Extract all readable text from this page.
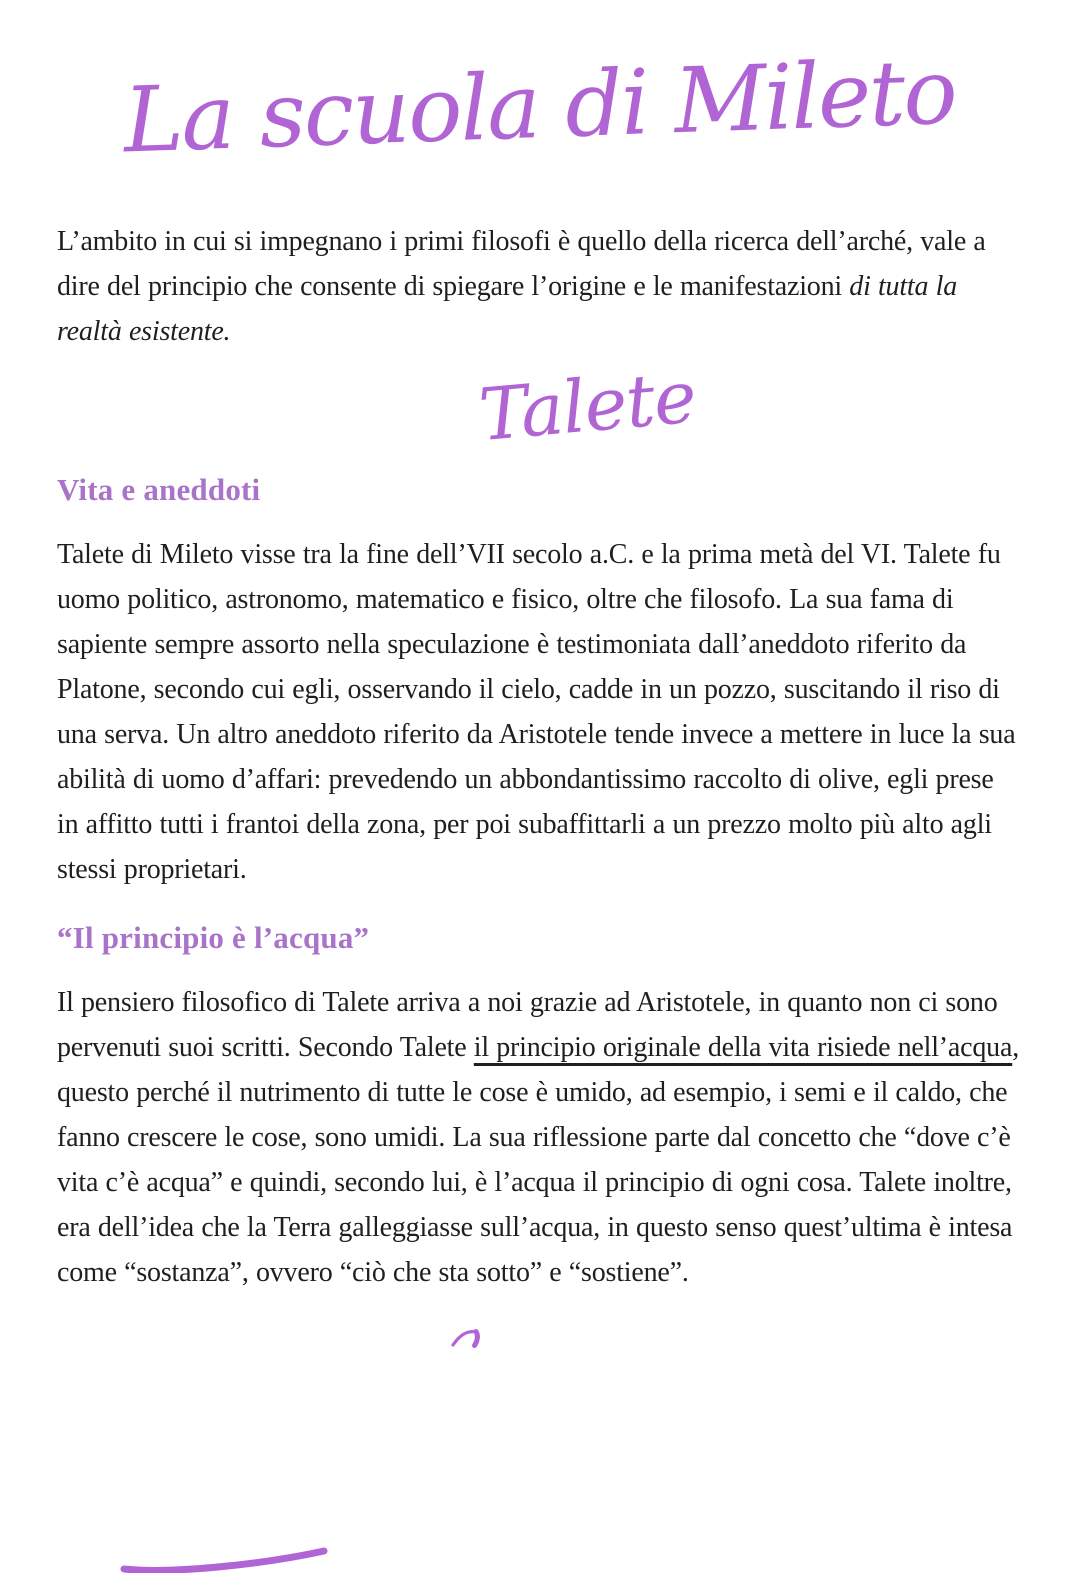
La scuola di Mileto

L’ambito in cui si impegnano i primi filosofi è quello della ricerca dell’arché, vale a dire del principio che consente di spiegare l’origine e le manifestazioni di tutta la realtà esistente.

Talete
Vita e aneddoti

Talete di Mileto visse tra la fine dell’VII secolo a.C. e la prima metà del VI. Talete fu uomo politico, astronomo, matematico e fisico, oltre che filosofo. La sua fama di sapiente sempre assorto nella speculazione è testimoniata dall’aneddoto riferito da Platone, secondo cui egli, osservando il cielo, cadde in un pozzo, suscitando il riso di una serva. Un altro aneddoto riferito da Aristotele tende invece a mettere in luce la sua abilità di uomo d’affari: prevedendo un abbondantissimo raccolto di olive, egli prese in affitto tutti i frantoi della zona, per poi subaffittarli a un prezzo molto più alto agli stessi proprietari.

“Il principio è l’acqua”

Il pensiero filosofico di Talete arriva a noi grazie ad Aristotele, in quanto non ci sono pervenuti suoi scritti. Secondo Talete il principio originale della vita risiede nell’acqua, questo perché il nutrimento di tutte le cose è umido, ad esempio, i semi e il caldo, che fanno crescere le cose, sono umidi. La sua riflessione parte dal concetto che “dove c’è vita c’è acqua” e quindi, secondo lui, è l’acqua il principio di ogni cosa. Talete inoltre, era dell’idea che la Terra galleggiasse sull’acqua, in questo senso quest’ultima è intesa come “sostanza”, ovvero “ciò che sta sotto” e “sostiene”.
